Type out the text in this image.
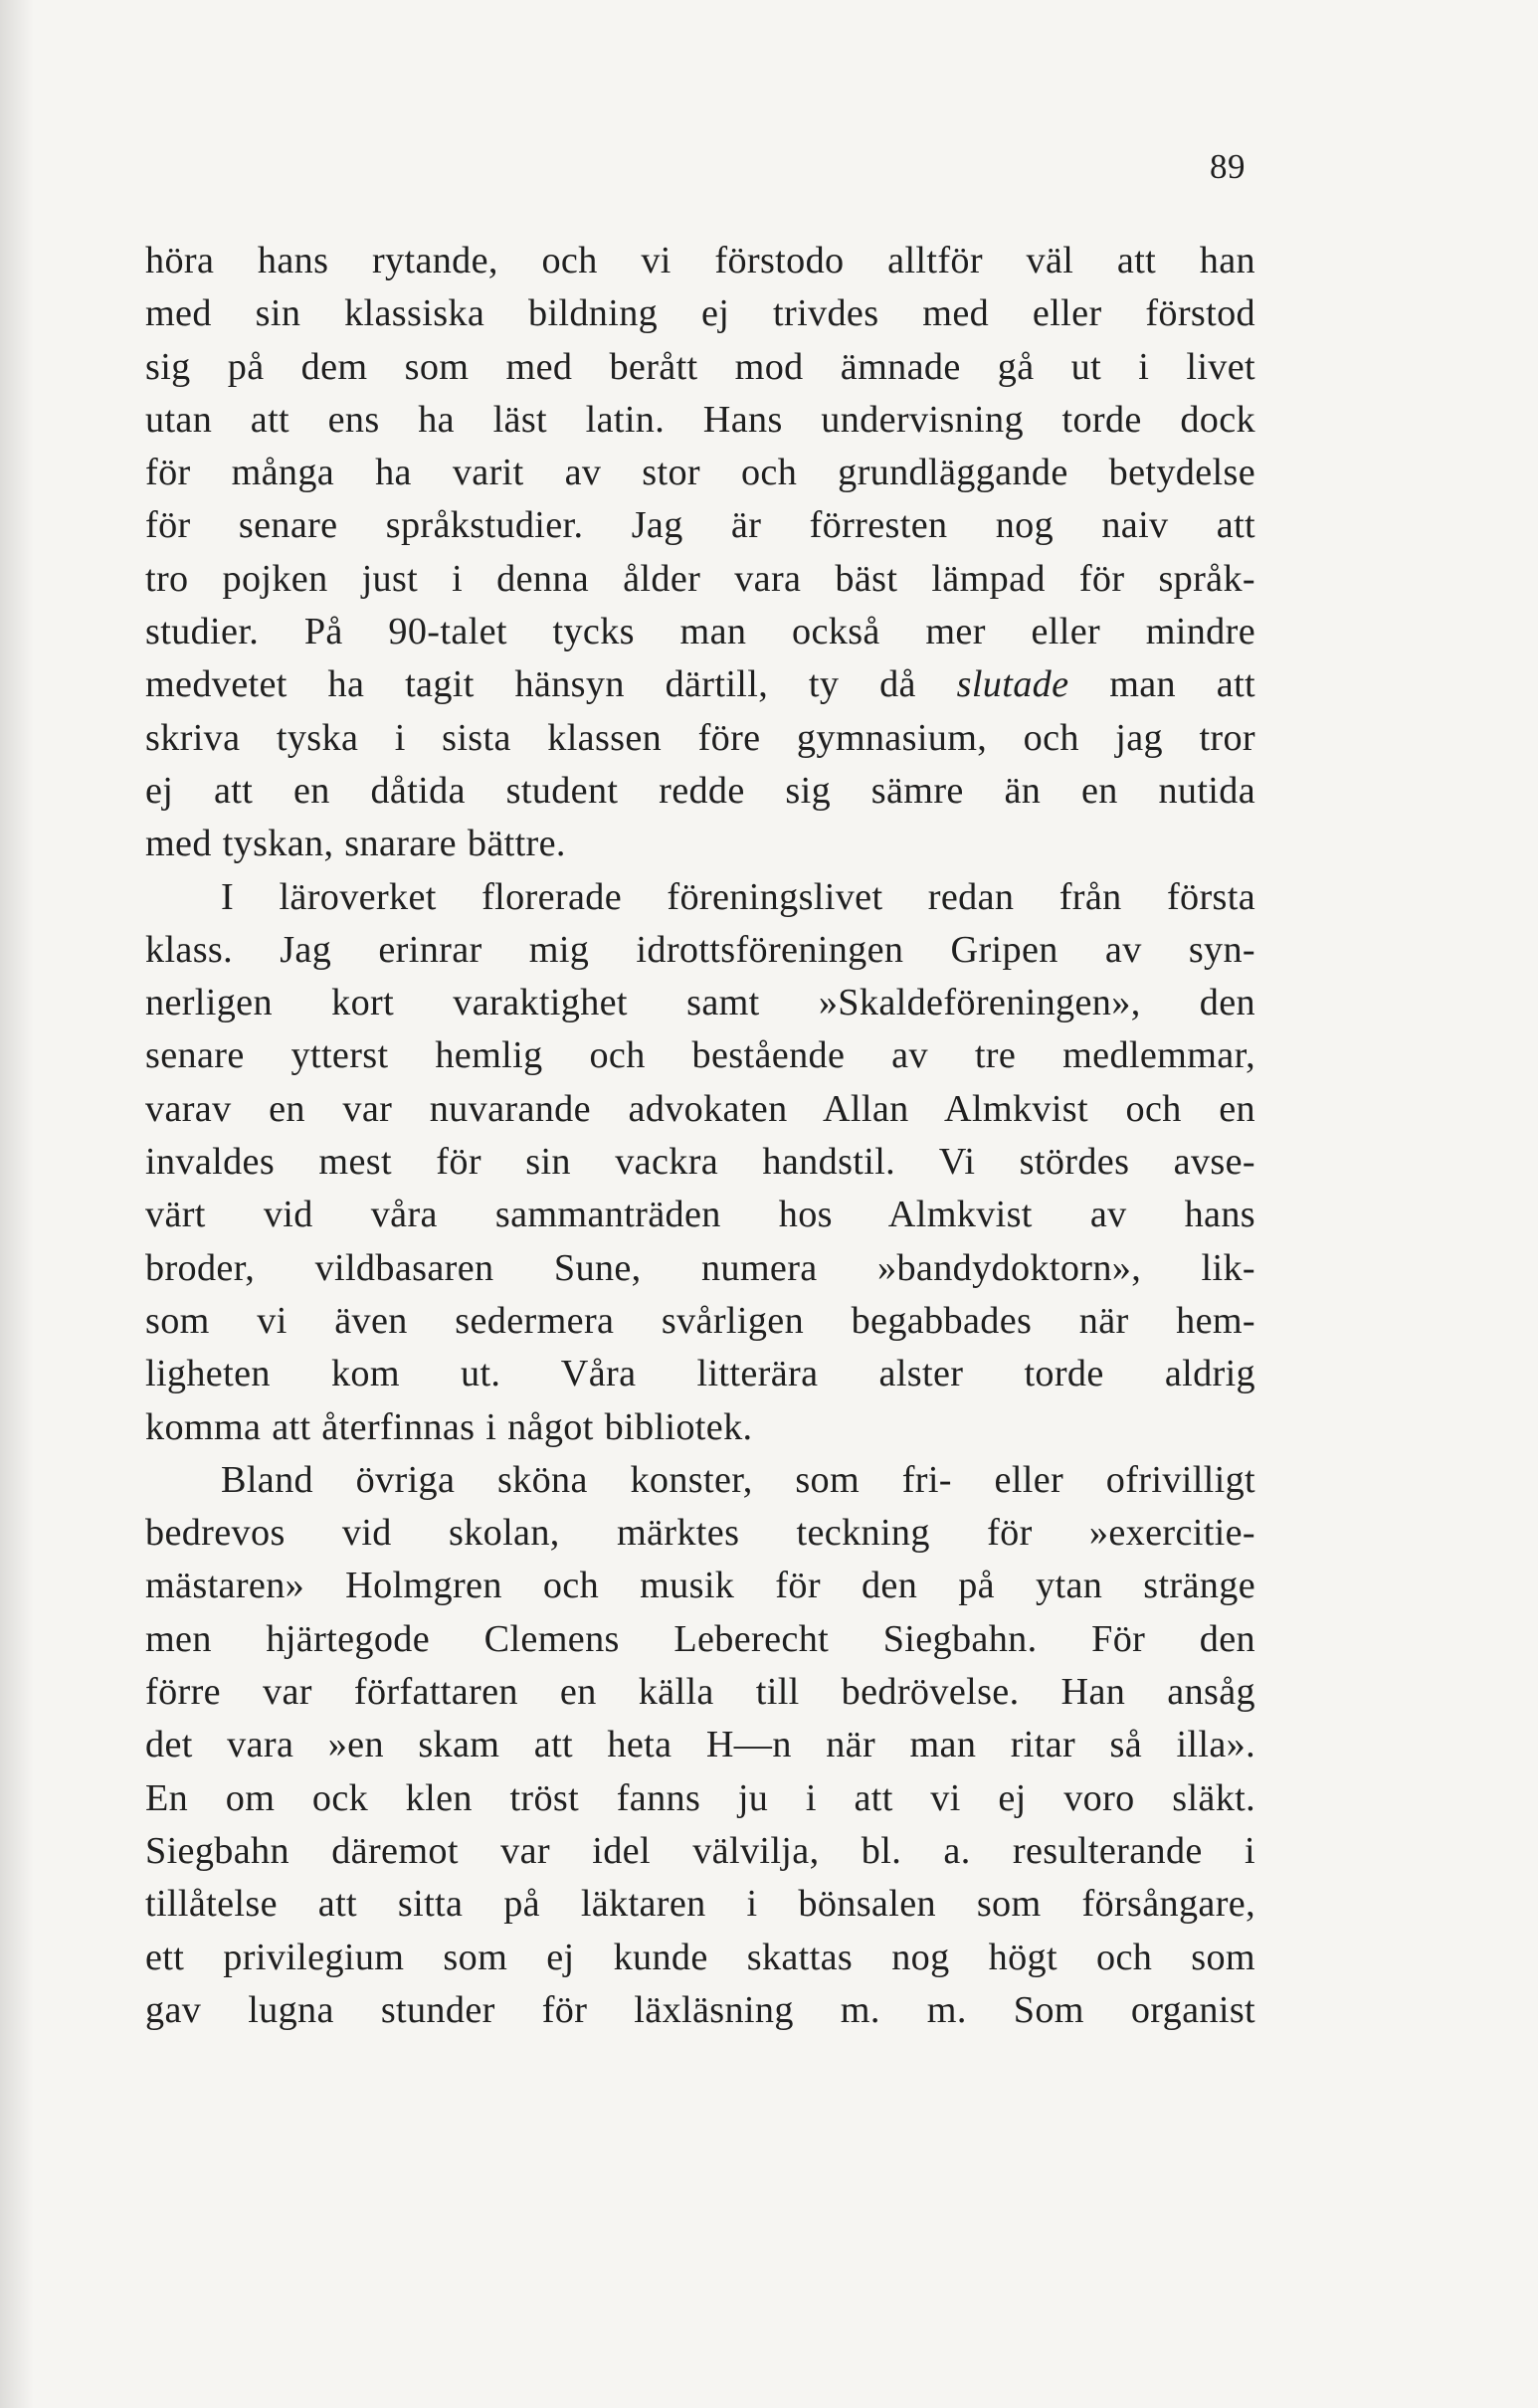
89
höra hans rytande, och vi förstodo alltför väl att han
med sin klassiska bildning ej trivdes med eller förstod
sig på dem som med berått mod ämnade gå ut i livet
utan att ens ha läst latin. Hans undervisning torde dock
för många ha varit av stor och grundläggande betydelse
för senare språkstudier. Jag är förresten nog naiv att
tro pojken just i denna ålder vara bäst lämpad för språk-
studier. På 90-talet tycks man också mer eller mindre
medvetet ha tagit hänsyn därtill, ty då slutade man att
skriva tyska i sista klassen före gymnasium, och jag tror
ej att en dåtida student redde sig sämre än en nutida
med tyskan, snarare bättre.
I läroverket florerade föreningslivet redan från första
klass. Jag erinrar mig idrottsföreningen Gripen av syn-
nerligen kort varaktighet samt »Skaldeföreningen», den
senare ytterst hemlig och bestående av tre medlemmar,
varav en var nuvarande advokaten Allan Almkvist och en
invaldes mest för sin vackra handstil. Vi stördes avse-
värt vid våra sammanträden hos Almkvist av hans
broder, vildbasaren Sune, numera »bandydoktorn», lik-
som vi även sedermera svårligen begabbades när hem-
ligheten kom ut. Våra litterära alster torde aldrig
komma att återfinnas i något bibliotek.
Bland övriga sköna konster, som fri- eller ofrivilligt
bedrevos vid skolan, märktes teckning för »exercitie-
mästaren» Holmgren och musik för den på ytan stränge
men hjärtegode Clemens Leberecht Siegbahn. För den
förre var författaren en källa till bedrövelse. Han ansåg
det vara »en skam att heta H—n när man ritar så illa».
En om ock klen tröst fanns ju i att vi ej voro släkt.
Siegbahn däremot var idel välvilja, bl. a. resulterande i
tillåtelse att sitta på läktaren i bönsalen som försångare,
ett privilegium som ej kunde skattas nog högt och som
gav lugna stunder för läxläsning m. m. Som organist
